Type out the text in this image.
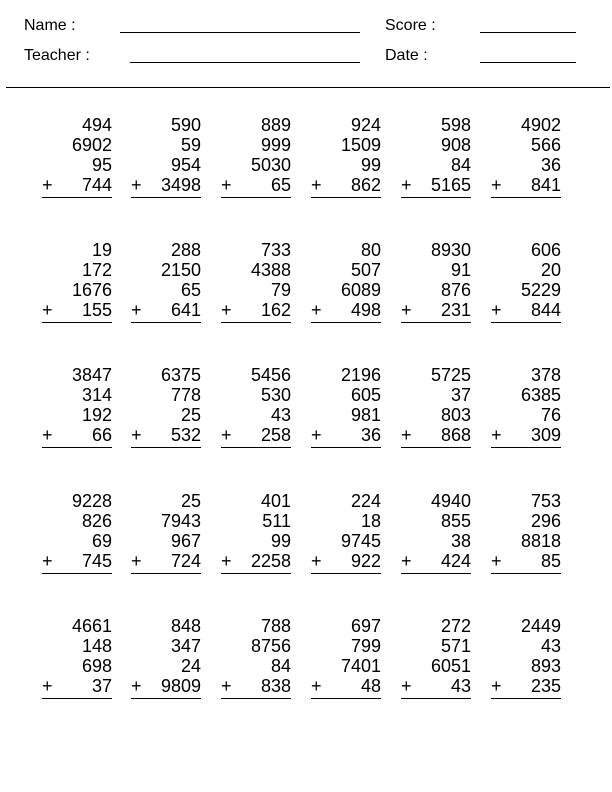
Name :
Teacher :
Score :
Date :
494
6902
95
+ 744
590
59
954
+ 3498
889
999
5030
+ 65
924
1509
99
+ 862
598
908
84
+ 5165
4902
566
36
+ 841
19
172
1676
+ 155
288
2150
65
+ 641
733
4388
79
+ 162
80
507
6089
+ 498
8930
91
876
+ 231
606
20
5229
+ 844
3847
314
192
+ 66
6375
778
25
+ 532
5456
530
43
+ 258
2196
605
981
+ 36
5725
37
803
+ 868
378
6385
76
+ 309
9228
826
69
+ 745
25
7943
967
+ 724
401
511
99
+ 2258
224
18
9745
+ 922
4940
855
38
+ 424
753
296
8818
+ 85
4661
148
698
+ 37
848
347
24
+ 9809
788
8756
84
+ 838
697
799
7401
+ 48
272
571
6051
+ 43
2449
43
893
+ 235
